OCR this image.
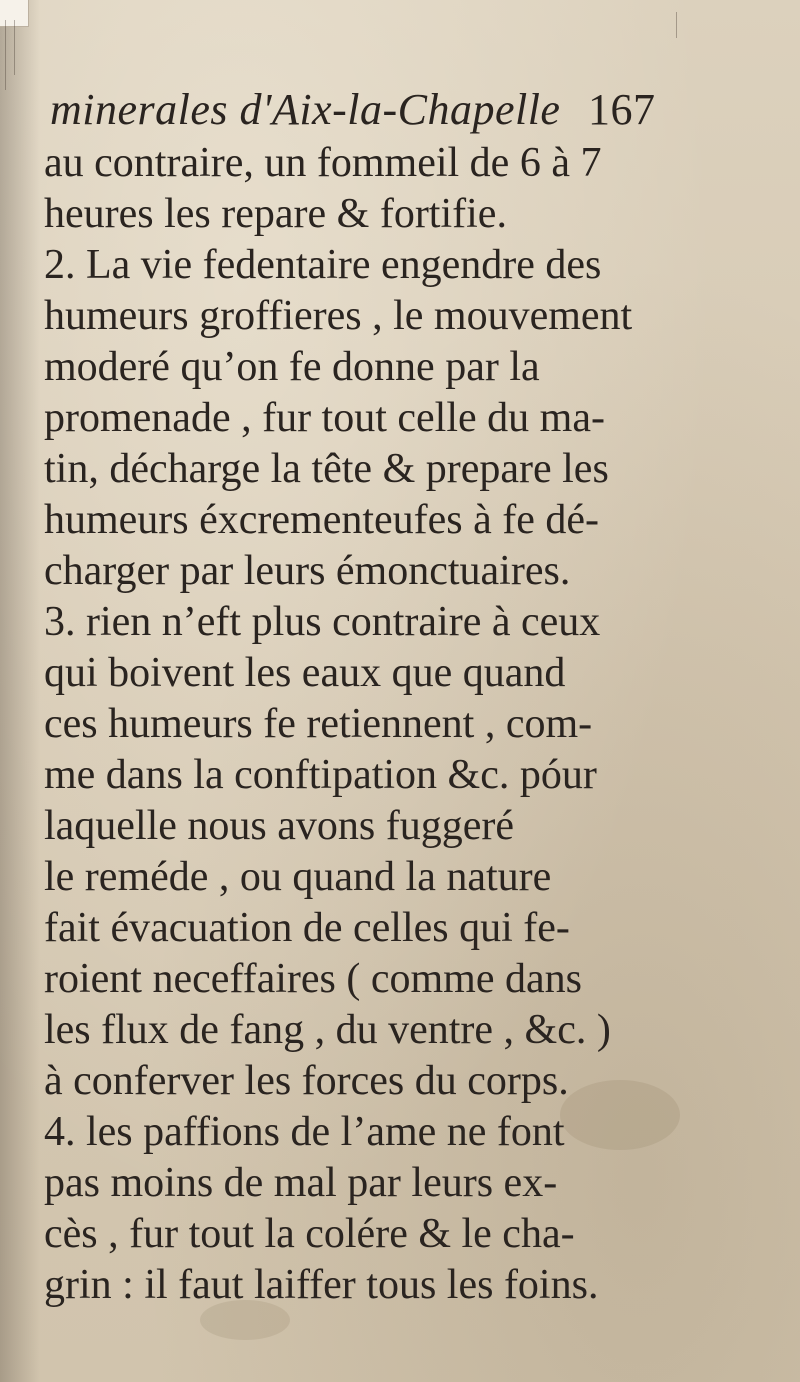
minerales d'Aix-la-Chapelle 167
au contraire, un fommeil de 6 à 7
heures les repare & fortifie.
2. La vie fedentaire engendre des
humeurs groffieres , le mouvement
moderé qu’on fe donne par la
promenade , fur tout celle du ma-
tin, décharge la tête & prepare les
humeurs éxcrementeufes à fe dé-
charger par leurs émonctuaires.
3. rien n’eft plus contraire à ceux
qui boivent les eaux que quand
ces humeurs fe retiennent , com-
me dans la conftipation &c. póur
laquelle nous avons fuggeré
le reméde , ou quand la nature
fait évacuation de celles qui fe-
roient neceffaires ( comme dans
les flux de fang , du ventre , &c. )
à conferver les forces du corps.
4. les paffions de l’ame ne font
pas moins de mal par leurs ex-
cès , fur tout la colére & le cha-
grin : il faut laiffer tous les foins.
